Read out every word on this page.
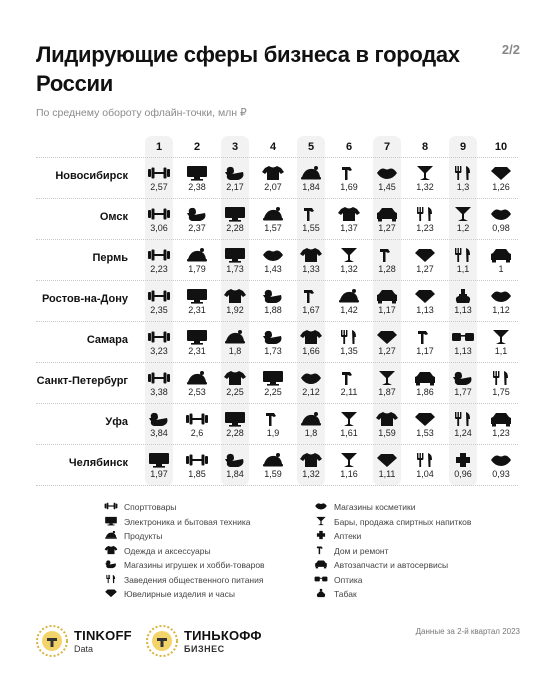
Лидирующие сферы бизнеса в городах России
2/2
По среднему обороту офлайн-точки, млн ₽
1	2	3	4	5	6	7	8	9	10
Новосибирск
2,57	2,38	2,17	2,07	1,84	1,69	1,45	1,32	1,3	1,26
Омск
3,06	2,37	2,28	1,57	1,55	1,37	1,27	1,23	1,2	0,98
Пермь
2,23	1,79	1,73	1,43	1,33	1,32	1,28	1,27	1,1	1
Ростов-на-Дону
2,35	2,31	1,92	1,88	1,67	1,42	1,17	1,13	1,13	1,12
Самара
3,23	2,31	1,8	1,73	1,66	1,35	1,27	1,17	1,13	1,1
Санкт-Петербург
3,38	2,53	2,25	2,25	2,12	2,11	1,87	1,86	1,77	1,75
Уфа
3,84	2,6	2,28	1,9	1,8	1,61	1,59	1,53	1,24	1,23
Челябинск
1,97	1,85	1,84	1,59	1,32	1,16	1,11	1,04	0,96	0,93
Спорттовары
Электроника и бытовая техника
Продукты
Одежда и аксессуары
Магазины игрушек и хобби-товаров
Заведения общественного питания
Ювелирные изделия и часы
Магазины косметики
Бары, продажа спиртных напитков
Аптеки
Дом и ремонт
Автозапчасти и автосервисы
Оптика
Табак
TINKOFF
Data
ТИНЬКОФФ
БИЗНЕС
Данные за 2-й квартал 2023
